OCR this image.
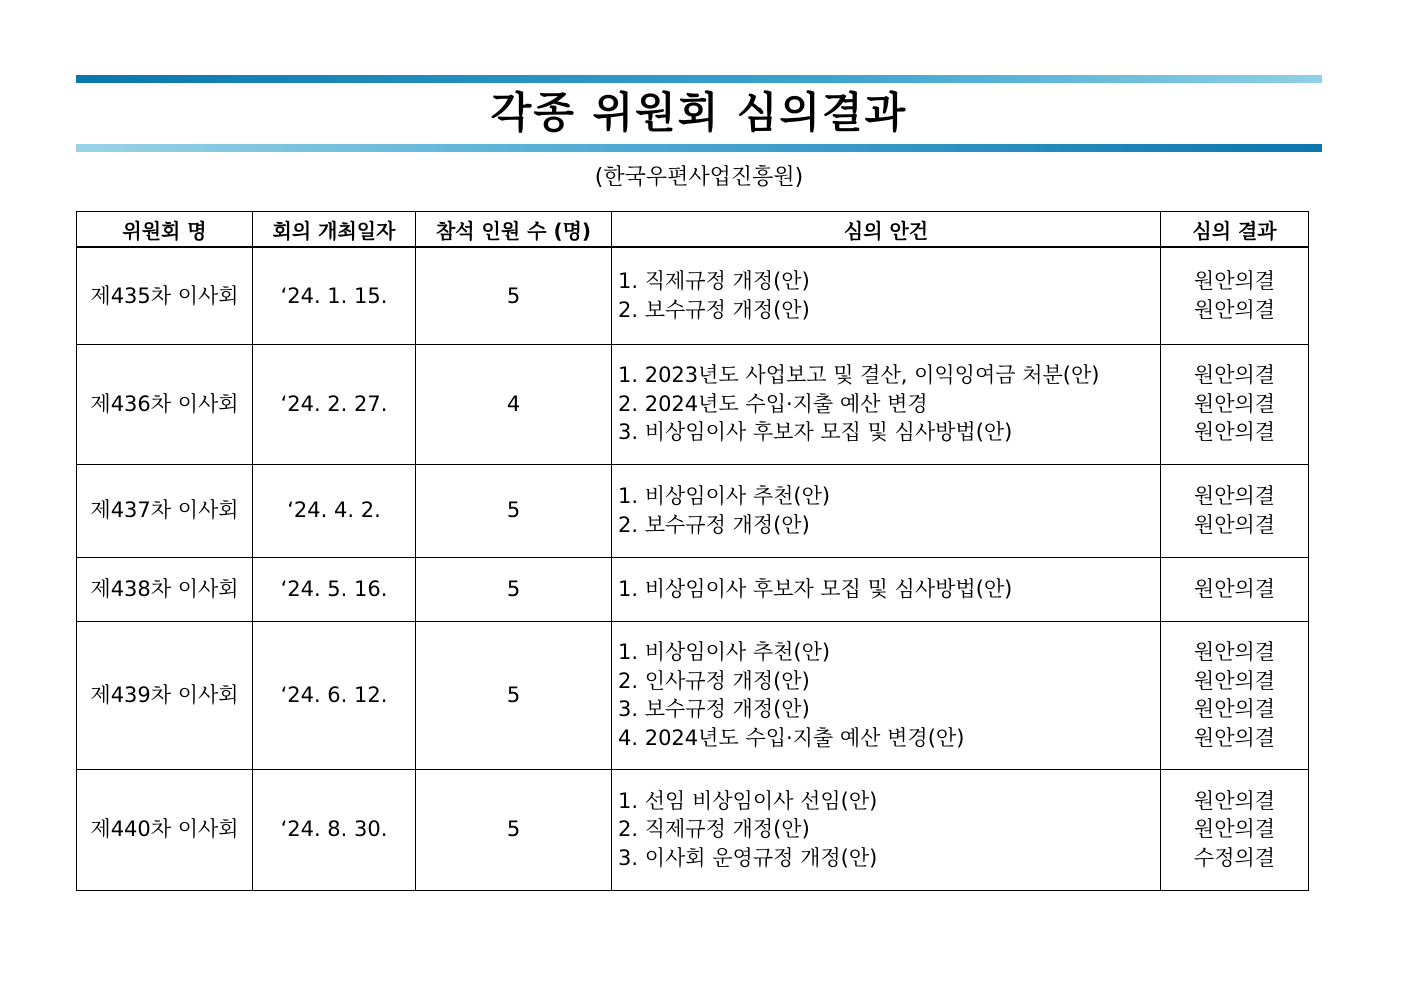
각종 위원회 심의결과
(한국우편사업진흥원)
위원회 명	회의 개최일자	참석 인원 수 (명)	심의 안건	심의 결과
제435차 이사회	‘24. 1. 15.	5	1. 직제규정 개정(안)
2. 보수규정 개정(안)	원안의결
원안의결

제436차 이사회	‘24. 2. 27.	4	1. 2023년도 사업보고 및 결산, 이익잉여금 처분(안)
2. 2024년도 수입·지출 예산 변경
3. 비상임이사 후보자 모집 및 심사방법(안)	원안의결
원안의결
원안의결

제437차 이사회	‘24. 4. 2.	5	1. 비상임이사 추천(안)
2. 보수규정 개정(안)	원안의결
원안의결

제438차 이사회	‘24. 5. 16.	5	1. 비상임이사 후보자 모집 및 심사방법(안)	원안의결

제439차 이사회	‘24. 6. 12.	5	1. 비상임이사 추천(안)
2. 인사규정 개정(안)
3. 보수규정 개정(안)
4. 2024년도 수입·지출 예산 변경(안)	원안의결
원안의결
원안의결
원안의결

제440차 이사회	‘24. 8. 30.	5	1. 선임 비상임이사 선임(안)
2. 직제규정 개정(안)
3. 이사회 운영규정 개정(안)	원안의결
원안의결
수정의결
